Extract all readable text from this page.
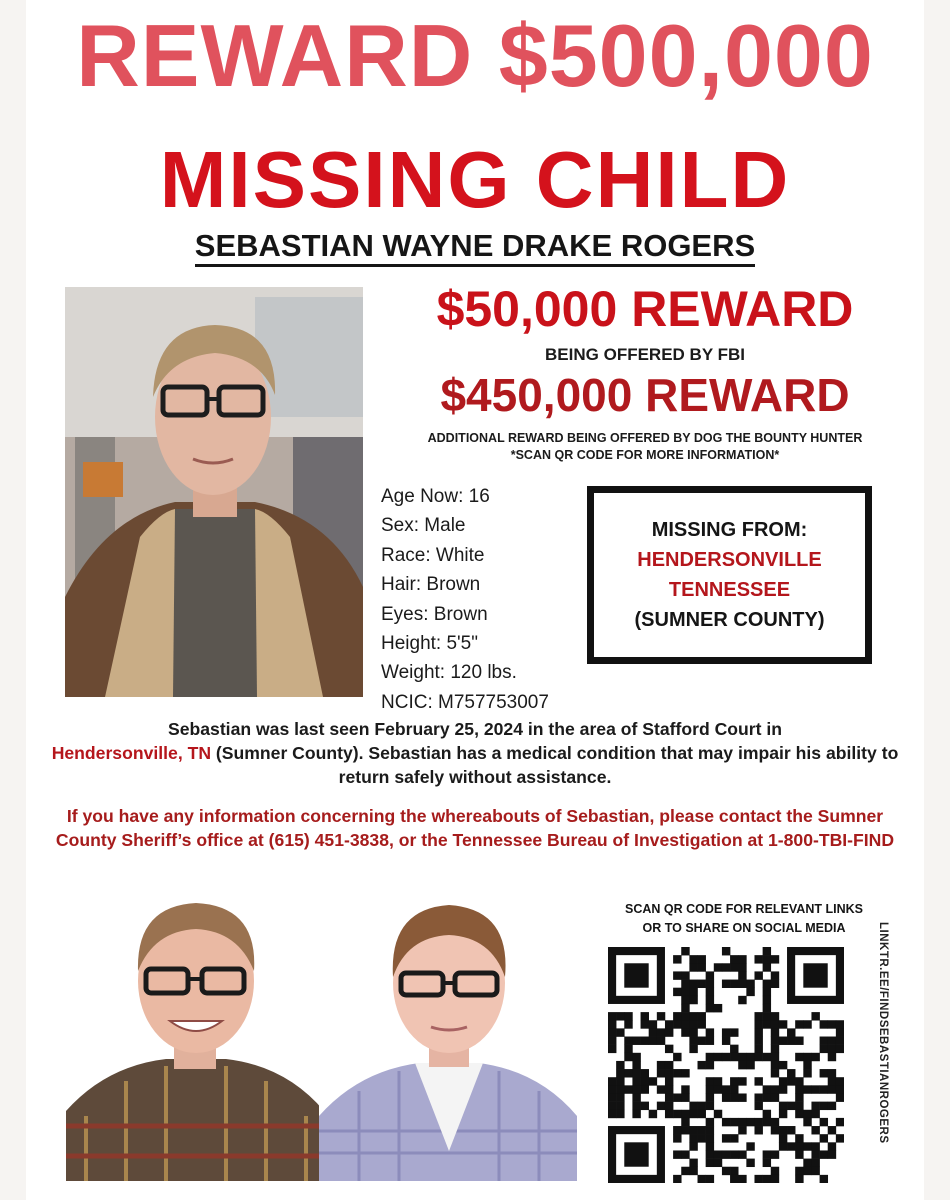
REWARD $500,000
MISSING CHILD
SEBASTIAN WAYNE DRAKE ROGERS
$50,000 REWARD
BEING OFFERED BY FBI
$450,000 REWARD
ADDITIONAL REWARD BEING OFFERED BY DOG THE BOUNTY HUNTER
*SCAN QR CODE FOR MORE INFORMATION*
Age Now: 16
Sex: Male
Race: White
Hair: Brown
Eyes: Brown
Height: 5'5"
Weight: 120 lbs.
NCIC: M757753007
MISSING FROM:
HENDERSONVILLE
TENNESSEE
(SUMNER COUNTY)
Sebastian was last seen February 25, 2024 in the area of Stafford Court in
Hendersonville, TN (Sumner County). Sebastian has a medical condition that may impair his ability to return safely without assistance.
If you have any information concerning the whereabouts of Sebastian, please contact the Sumner County Sheriff’s office at (615) 451-3838, or the Tennessee Bureau of Investigation at 1-800-TBI-FIND
SCAN QR CODE FOR RELEVANT LINKS
OR TO SHARE ON SOCIAL MEDIA	LINKTR.EE/FINDSEBASTIANROGERS
